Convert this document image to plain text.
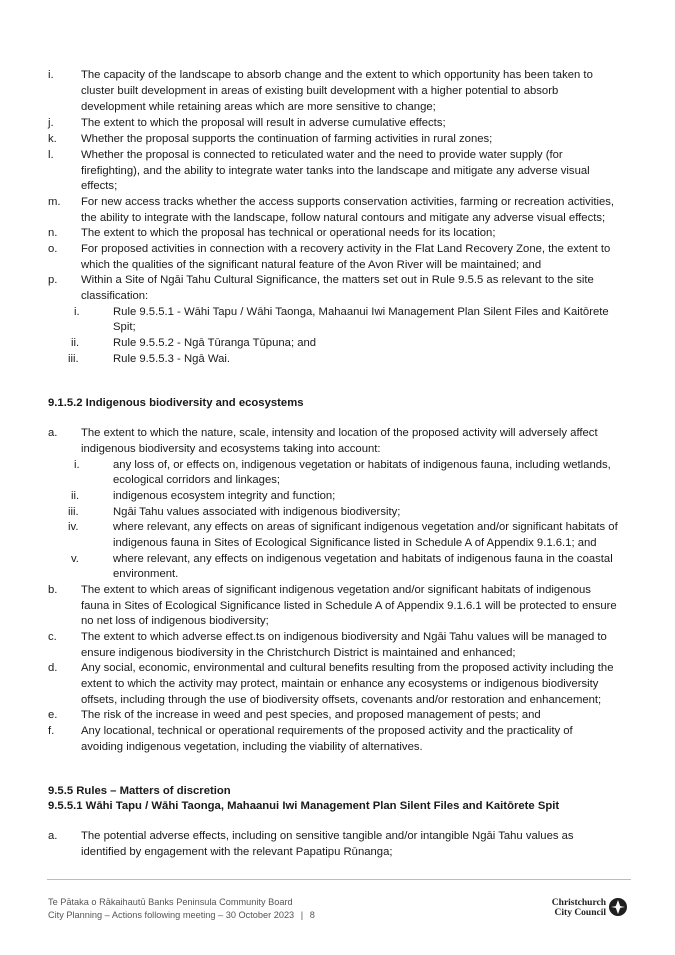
i. The capacity of the landscape to absorb change and the extent to which opportunity has been taken to
cluster built development in areas of existing built development with a higher potential to absorb
development while retaining areas which are more sensitive to change;
j. The extent to which the proposal will result in adverse cumulative effects;
k. Whether the proposal supports the continuation of farming activities in rural zones;
l. Whether the proposal is connected to reticulated water and the need to provide water supply (for
firefighting), and the ability to integrate water tanks into the landscape and mitigate any adverse visual
effects;
m. For new access tracks whether the access supports conservation activities, farming or recreation activities,
the ability to integrate with the landscape, follow natural contours and mitigate any adverse visual effects;
n. The extent to which the proposal has technical or operational needs for its location;
o. For proposed activities in connection with a recovery activity in the Flat Land Recovery Zone, the extent to
which the qualities of the significant natural feature of the Avon River will be maintained; and
p. Within a Site of Ngāi Tahu Cultural Significance, the matters set out in Rule 9.5.5 as relevant to the site
classification:
i.	Rule 9.5.5.1 - Wāhi Tapu / Wāhi Taonga, Mahaanui Iwi Management Plan Silent Files and Kaitōrete
Spit;
ii.	Rule 9.5.5.2 - Ngā Tūranga Tūpuna; and
iii.	Rule 9.5.5.3 - Ngā Wai.
9.1.5.2 Indigenous biodiversity and ecosystems
a. The extent to which the nature, scale, intensity and location of the proposed activity will adversely affect
indigenous biodiversity and ecosystems taking into account:
i.	any loss of, or effects on, indigenous vegetation or habitats of indigenous fauna, including wetlands,
ecological corridors and linkages;
ii.	indigenous ecosystem integrity and function;
iii.	Ngāi Tahu values associated with indigenous biodiversity;
iv.	where relevant, any effects on areas of significant indigenous vegetation and/or significant habitats of
indigenous fauna in Sites of Ecological Significance listed in Schedule A of Appendix 9.1.6.1; and
v.	where relevant, any effects on indigenous vegetation and habitats of indigenous fauna in the coastal
environment.
b. The extent to which areas of significant indigenous vegetation and/or significant habitats of indigenous
fauna in Sites of Ecological Significance listed in Schedule A of Appendix 9.1.6.1 will be protected to ensure
no net loss of indigenous biodiversity;
c. The extent to which adverse effect.ts on indigenous biodiversity and Ngāi Tahu values will be managed to
ensure indigenous biodiversity in the Christchurch District is maintained and enhanced;
d. Any social, economic, environmental and cultural benefits resulting from the proposed activity including the
extent to which the activity may protect, maintain or enhance any ecosystems or indigenous biodiversity
offsets, including through the use of biodiversity offsets, covenants and/or restoration and enhancement;
e. The risk of the increase in weed and pest species, and proposed management of pests; and
f. Any locational, technical or operational requirements of the proposed activity and the practicality of
avoiding indigenous vegetation, including the viability of alternatives.
9.5.5 Rules – Matters of discretion
9.5.5.1 Wāhi Tapu / Wāhi Taonga, Mahaanui Iwi Management Plan Silent Files and Kaitōrete Spit
a. The potential adverse effects, including on sensitive tangible and/or intangible Ngāi Tahu values as
identified by engagement with the relevant Papatipu Rūnanga;
Te Pātaka o Rākaihautū Banks Peninsula Community Board
City Planning – Actions following meeting – 30 October 2023 | 8
Christchurch
City Council
